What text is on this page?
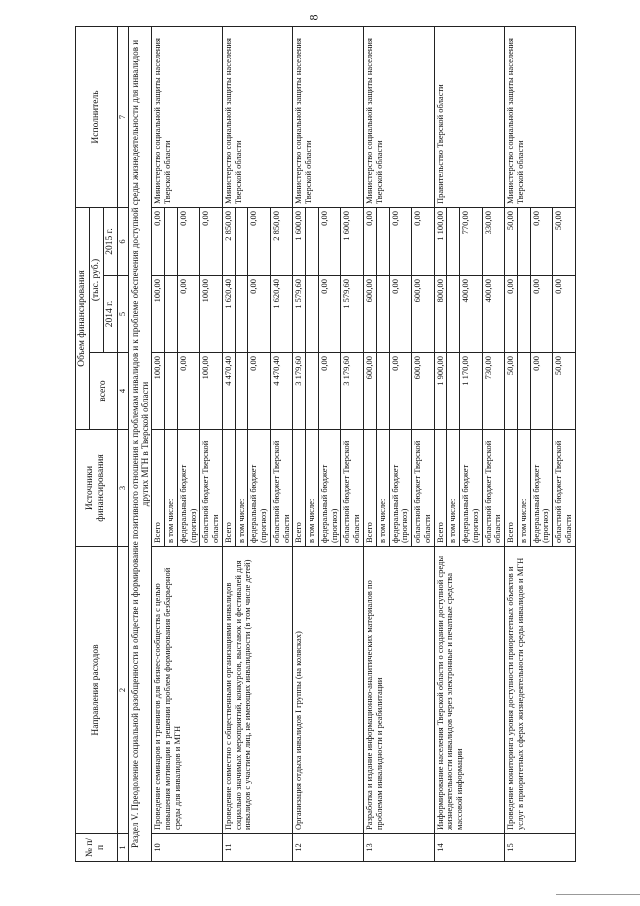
8
№ п/п	Направления расходов	Источники финансирования	Объем финансирования			Исполнитель
			всего	(тыс. руб.)		
				2014 г.	2015 г.	
1	2	3	4	5	6	7
Раздел V. Преодоление социальной разобщенности в обществе и формирование позитивного отношения к проблемам инвалидов и к проблеме обеспечения доступной среды жизнедеятельности для инвалидов и других МГН в Тверской области						
10	Проведение семинаров и тренингов для бизнес-сообщества с целью повышения мотивации в решении проблем формирования безбарьерной среды для инвалидов и МГН	Всего	100,00	100,00	0,00	Министерство социальной защиты населения Тверской области
		в том числе:				
		федеральный бюджет (прогноз)	0,00	0,00	0,00	
		областной бюджет Тверской области	100,00	100,00	0,00	
11	Проведение совместно с общественными организациями инвалидов социально значимых мероприятий, конкурсов, выставок и фестивалей для инвалидов с участием лиц, не имеющих инвалидности (в том числе детей)	Всего	4 470,40	1 620,40	2 850,00	Министерство социальной защиты населения Тверской области
		в том числе:				
		федеральный бюджет (прогноз)	0,00	0,00	0,00	
		областной бюджет Тверской области	4 470,40	1 620,40	2 850,00	
12	Организация отдыха инвалидов I группы (на колясках)	Всего	3 179,60	1 579,60	1 600,00	Министерство социальной защиты населения Тверской области
		в том числе:				
		федеральный бюджет (прогноз)	0,00	0,00	0,00	
		областной бюджет Тверской области	3 179,60	1 579,60	1 600,00	
13	Разработка и издание информационно-аналитических материалов по проблемам инвалидности и реабилитации	Всего	600,00	600,00	0,00	Министерство социальной защиты населения Тверской области
		в том числе:				
		федеральный бюджет (прогноз)	0,00	0,00	0,00	
		областной бюджет Тверской области	600,00	600,00	0,00	
14	Информирование населения Тверской области о создании доступной среды жизнедеятельности инвалидов через электронные и печатные средства массовой информации	Всего	1 900,00	800,00	1 100,00	Правительство Тверской области
		в том числе:				
		федеральный бюджет (прогноз)	1 170,00	400,00	770,00	
		областной бюджет Тверской области	730,00	400,00	330,00	
15	Проведение мониторинга уровня доступности приоритетных объектов и услуг в приоритетных сферах жизнедеятельности среды инвалидов и МГН	Всего	50,00	0,00	50,00	Министерство социальной защиты населения Тверской области
		в том числе:				
		федеральный бюджет (прогноз)	0,00	0,00	0,00	
		областной бюджет Тверской области	50,00	0,00	50,00	
